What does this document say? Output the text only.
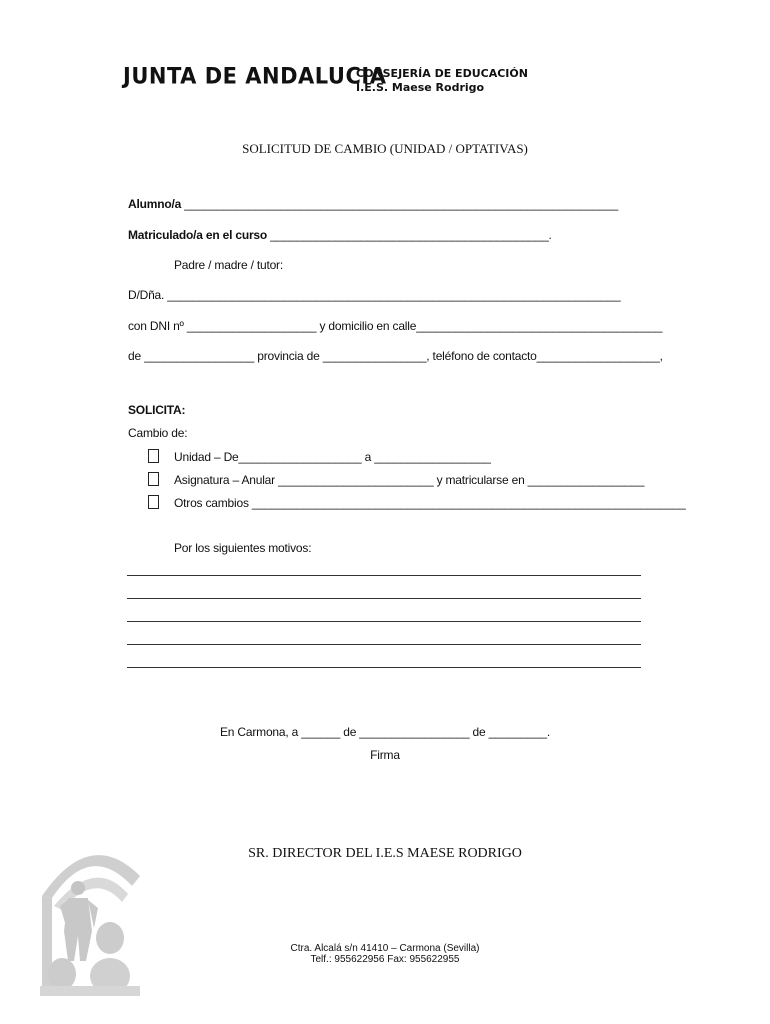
JUNTA DE ANDALUCIA
CONSEJERÍA DE EDUCACIÓN
I.E.S. Maese Rodrigo
SOLICITUD DE CAMBIO (UNIDAD / OPTATIVAS)
Alumno/a ___________________________________________________________________
Matriculado/a en el curso ___________________________________________.
Padre / madre / tutor:
D/Dña. ______________________________________________________________________
con DNI nº ____________________ y domicilio en calle______________________________________
de _________________ provincia de ________________, teléfono de contacto___________________,
SOLICITA:
Cambio de:
Unidad – De___________________ a __________________
Asignatura – Anular ________________________ y matricularse en __________________
Otros cambios ___________________________________________________________________
Por los siguientes motivos:
En Carmona, a ______ de _________________ de _________.
Firma
SR. DIRECTOR DEL I.E.S MAESE RODRIGO
Ctra. Alcalá s/n 41410 – Carmona (Sevilla)
Telf.: 955622956 Fax: 955622955
